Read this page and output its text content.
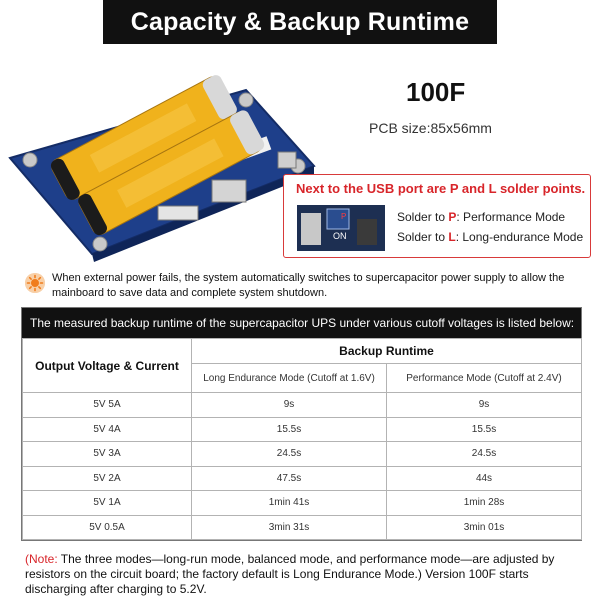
Capacity & Backup Runtime
100F
PCB size:85x56mm
Next to the USB port are P and L solder points.
P
ON
Solder to P: Performance Mode
Solder to L: Long-endurance Mode
When external power fails, the system automatically switches to supercapacitor power supply to allow the mainboard to save data and complete system shutdown.
The measured backup runtime of the supercapacitor UPS under various cutoff voltages is listed below:
Output Voltage & Current	Backup Runtime	
	Long Endurance Mode (Cutoff at 1.6V)	Performance Mode (Cutoff at 2.4V)
5V 5A	9s	9s
5V 4A	15.5s	15.5s
5V 3A	24.5s	24.5s
5V 2A	47.5s	44s
5V 1A	1min 41s	1min 28s
5V 0.5A	3min 31s	3min 01s
(Note: The three modes—long-run mode, balanced mode, and performance mode—are adjusted by resistors on the circuit board; the factory default is Long Endurance Mode.) Version 100F starts discharging after charging to 5.2V.
